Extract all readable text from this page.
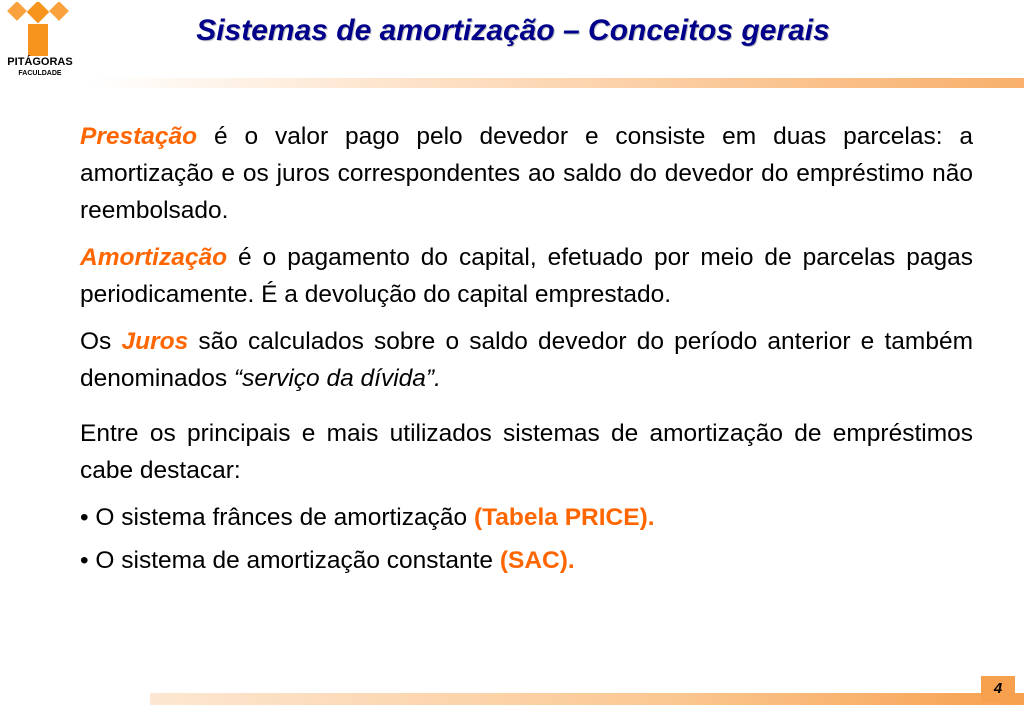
PITÁGORAS
FACULDADE
Sistemas de amortização – Conceitos gerais

Prestação é o valor pago pelo devedor e consiste em duas parcelas: a amortização e os juros correspondentes ao saldo do devedor do empréstimo não reembolsado.

Amortização é o pagamento do capital, efetuado por meio de parcelas pagas periodicamente. É a devolução do capital emprestado.

Os Juros são calculados sobre o saldo devedor do período anterior e também denominados “serviço da dívida”.

Entre os principais e mais utilizados sistemas de amortização de empréstimos cabe destacar:

• O sistema frânces de amortização (Tabela PRICE).
• O sistema de amortização constante (SAC).
4
